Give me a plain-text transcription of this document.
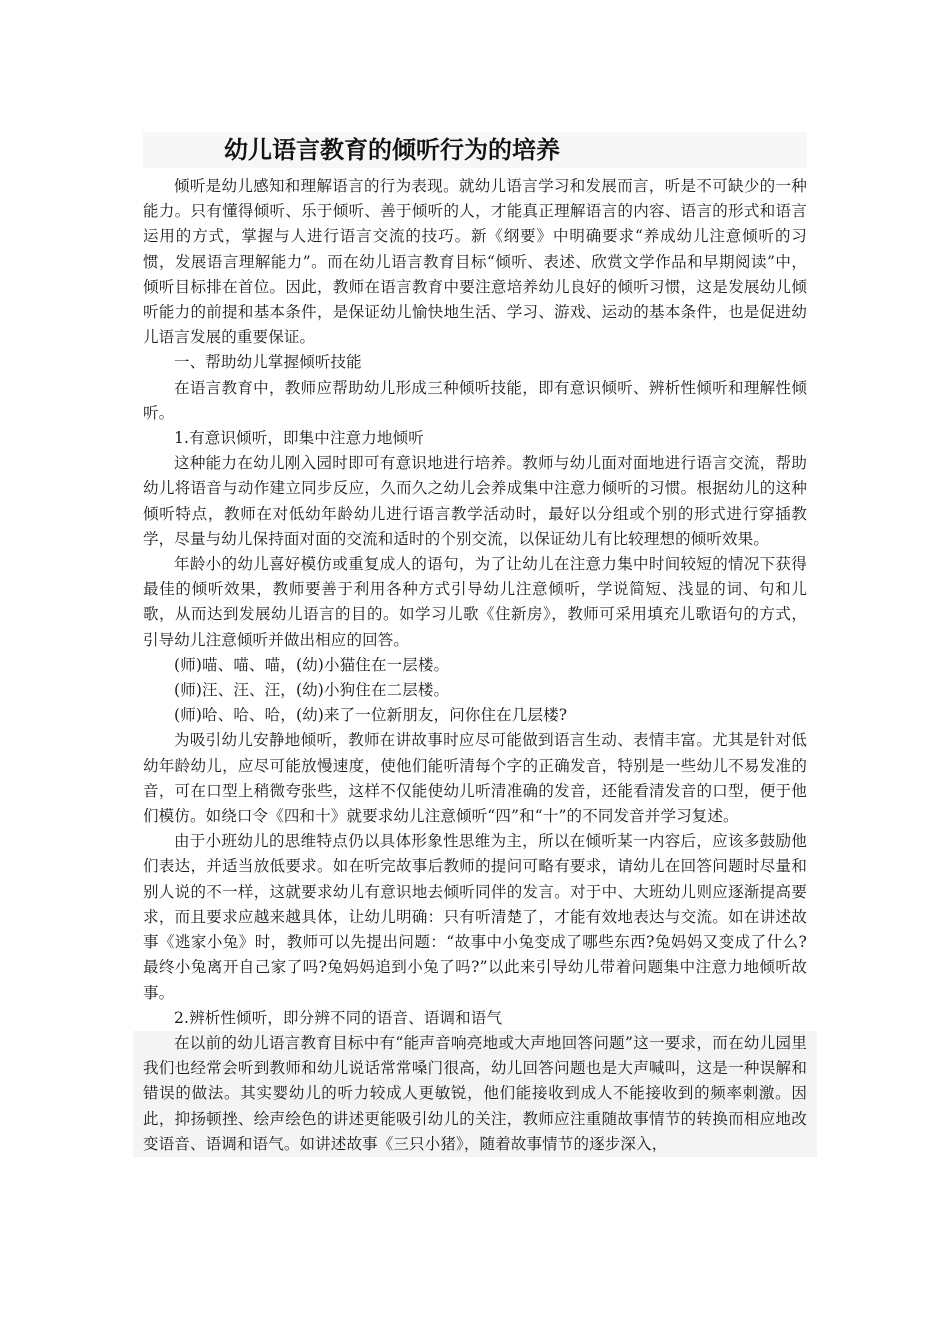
幼儿语言教育的倾听行为的培养

倾听是幼儿感知和理解语言的行为表现。就幼儿语言学习和发展而言，听是不可缺少的一种能力。只有懂得倾听、乐于倾听、善于倾听的人，才能真正理解语言的内容、语言的形式和语言运用的方式，掌握与人进行语言交流的技巧。新《纲要》中明确要求“养成幼儿注意倾听的习惯，发展语言理解能力”。而在幼儿语言教育目标“倾听、表述、欣赏文学作品和早期阅读”中，倾听目标排在首位。因此，教师在语言教育中要注意培养幼儿良好的倾听习惯，这是发展幼儿倾听能力的前提和基本条件，是保证幼儿愉快地生活、学习、游戏、运动的基本条件，也是促进幼儿语言发展的重要保证。

一、帮助幼儿掌握倾听技能

在语言教育中，教师应帮助幼儿形成三种倾听技能，即有意识倾听、辨析性倾听和理解性倾听。

1.有意识倾听，即集中注意力地倾听

这种能力在幼儿刚入园时即可有意识地进行培养。教师与幼儿面对面地进行语言交流，帮助幼儿将语音与动作建立同步反应，久而久之幼儿会养成集中注意力倾听的习惯。根据幼儿的这种倾听特点，教师在对低幼年龄幼儿进行语言教学活动时，最好以分组或个别的形式进行穿插教学，尽量与幼儿保持面对面的交流和适时的个别交流，以保证幼儿有比较理想的倾听效果。

年龄小的幼儿喜好模仿或重复成人的语句，为了让幼儿在注意力集中时间较短的情况下获得最佳的倾听效果，教师要善于利用各种方式引导幼儿注意倾听，学说简短、浅显的词、句和儿歌，从而达到发展幼儿语言的目的。如学习儿歌《住新房》，教师可采用填充儿歌语句的方式，引导幼儿注意倾听并做出相应的回答。

(师)喵、喵、喵，(幼)小猫住在一层楼。

(师)汪、汪、汪，(幼)小狗住在二层楼。

(师)哈、哈、哈，(幼)来了一位新朋友，问你住在几层楼?

为吸引幼儿安静地倾听，教师在讲故事时应尽可能做到语言生动、表情丰富。尤其是针对低幼年龄幼儿，应尽可能放慢速度，使他们能听清每个字的正确发音，特别是一些幼儿不易发准的音，可在口型上稍微夸张些，这样不仅能使幼儿听清准确的发音，还能看清发音的口型，便于他们模仿。如绕口令《四和十》就要求幼儿注意倾听“四”和“十”的不同发音并学习复述。

由于小班幼儿的思维特点仍以具体形象性思维为主，所以在倾听某一内容后，应该多鼓励他们表达，并适当放低要求。如在听完故事后教师的提问可略有要求，请幼儿在回答问题时尽量和别人说的不一样，这就要求幼儿有意识地去倾听同伴的发言。对于中、大班幼儿则应逐渐提高要求，而且要求应越来越具体，让幼儿明确：只有听清楚了，才能有效地表达与交流。如在讲述故事《逃家小兔》时，教师可以先提出问题：“故事中小兔变成了哪些东西?兔妈妈又变成了什么?最终小兔离开自己家了吗?兔妈妈追到小兔了吗?”以此来引导幼儿带着问题集中注意力地倾听故事。

2.辨析性倾听，即分辨不同的语音、语调和语气

在以前的幼儿语言教育目标中有“能声音响亮地或大声地回答问题”这一要求，而在幼儿园里我们也经常会听到教师和幼儿说话常常嗓门很高，幼儿回答问题也是大声喊叫，这是一种误解和错误的做法。其实婴幼儿的听力较成人更敏锐，他们能接收到成人不能接收到的频率刺激。因此，抑扬顿挫、绘声绘色的讲述更能吸引幼儿的关注，教师应注重随故事情节的转换而相应地改变语音、语调和语气。如讲述故事《三只小猪》，随着故事情节的逐步深入，
